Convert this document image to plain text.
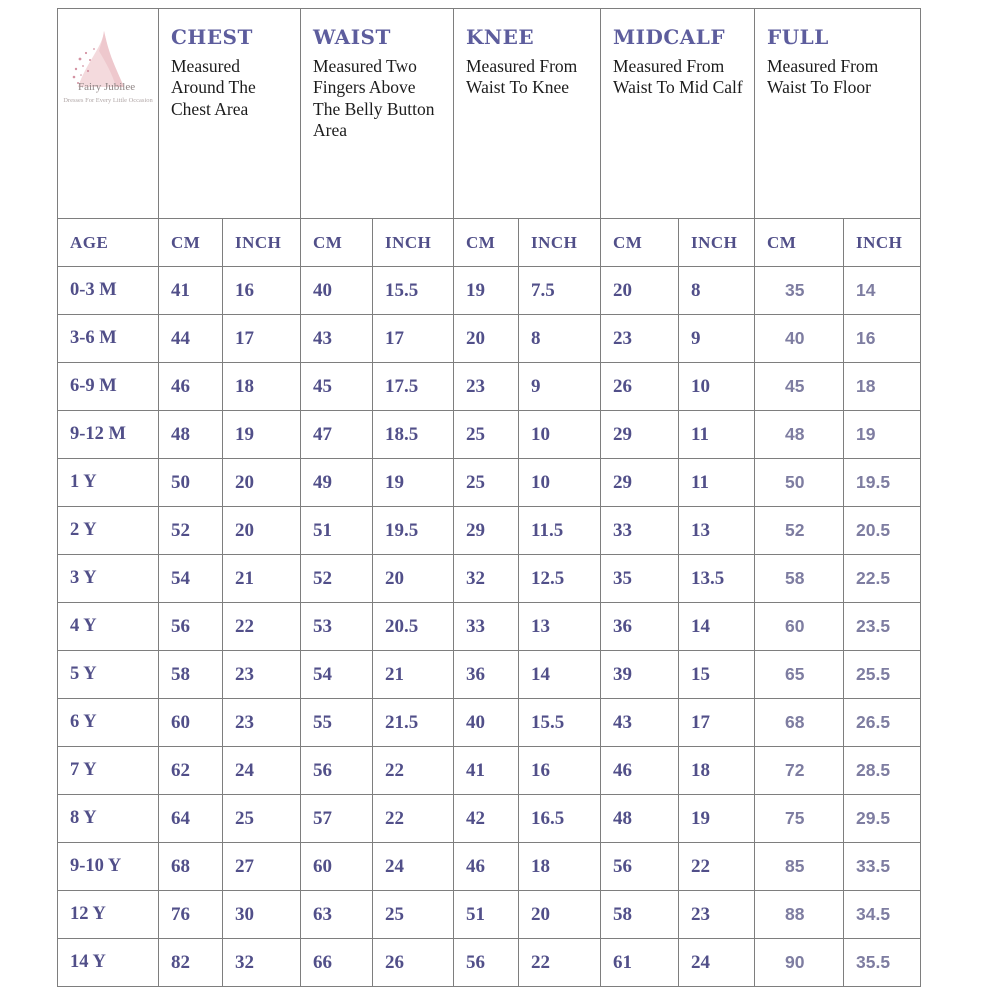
Fairy Jubilee
Dresses For Every Little Occasion

CHEST
Measured Around The Chest Area

WAIST
Measured Two Fingers Above The Belly Button Area

KNEE
Measured From Waist To Knee

MIDCALF
Measured From Waist To Mid Calf

FULL
Measured From Waist To Floor

AGE	CM	INCH	CM	INCH	CM	INCH	CM	INCH	CM	INCH
0-3 M	41	16	40	15.5	19	7.5	20	8	35	14
3-6 M	44	17	43	17	20	8	23	9	40	16
6-9 M	46	18	45	17.5	23	9	26	10	45	18
9-12 M	48	19	47	18.5	25	10	29	11	48	19
1 Y	50	20	49	19	25	10	29	11	50	19.5
2 Y	52	20	51	19.5	29	11.5	33	13	52	20.5
3 Y	54	21	52	20	32	12.5	35	13.5	58	22.5
4 Y	56	22	53	20.5	33	13	36	14	60	23.5
5 Y	58	23	54	21	36	14	39	15	65	25.5
6 Y	60	23	55	21.5	40	15.5	43	17	68	26.5
7 Y	62	24	56	22	41	16	46	18	72	28.5
8 Y	64	25	57	22	42	16.5	48	19	75	29.5
9-10 Y	68	27	60	24	46	18	56	22	85	33.5
12 Y	76	30	63	25	51	20	58	23	88	34.5
14 Y	82	32	66	26	56	22	61	24	90	35.5
